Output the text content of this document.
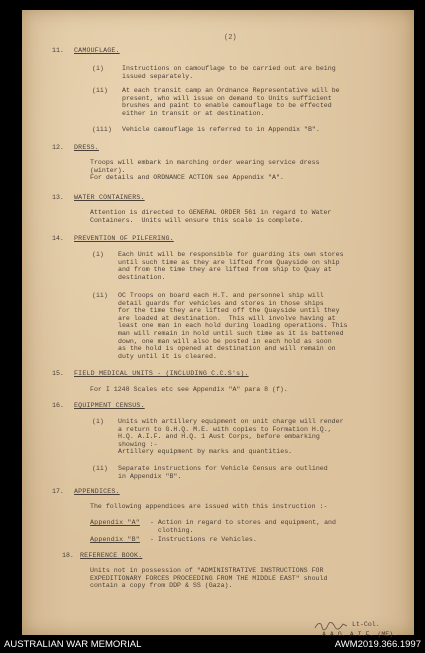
(2)
11. CAMOUFLAGE.
(i)	Instructions on camouflage to be carried out are being
issued separately.
(ii) At each transit camp an Ordnance Representative will be
present, who will issue on demand to Units sufficient
brushes and paint to enable camouflage to be effected
either in transit or at destination.
(iii) Vehicle camouflage is referred to in Appendix "B".
12. DRESS.
Troops will embark in marching order wearing service dress
(winter).
For details and ORDNANCE ACTION see Appendix "A".
13. WATER CONTAINERS.
Attention is directed to GENERAL ORDER 561 in regard to Water
Containers.  Units will ensure this scale is complete.
14. PREVENTION OF PILFERING.
(i) Each Unit will be responsible for guarding its own stores
until such time as they are lifted from Quayside on ship
and from the time they are lifted from ship to Quay at
destination.
(ii) OC Troops on board each H.T. and personnel ship will
detail guards for vehicles and stores in those ships
for the time they are lifted off the Quayside until they
are loaded at destination.  This will involve having at
least one man in each hold during loading operations. This
man will remain in hold until such time as it is battened
down, one man will also be posted in each hold as soon
as the hold is opened at destination and will remain on
duty until it is cleared.
15. FIELD MEDICAL UNITS - (INCLUDING C.C.S's).
For I 1248 Scales etc see Appendix "A" para 8 (f).
16. EQUIPMENT CENSUS.
(i) Units with artillery equipment on unit charge will render
a return to G.H.Q. M.E. with copies to Formation H.Q.,
H.Q. A.I.F. and H.Q. 1 Aust Corps, before embarking
showing :-
Artillery equipment by marks and quantities.
(ii) Separate instructions for Vehicle Census are outlined
in Appendix "B".
17. APPENDICES.
The following appendices are issued with this instruction :-
Appendix "A" - Action in regard to stores and equipment, and
clothing.
Appendix "B" - Instructions re Vehicles.
18. REFERENCE BOOK.
Units not in possession of "ADMINISTRATIVE INSTRUCTIONS FOR
EXPEDITIONARY FORCES PROCEEDING FROM THE MIDDLE EAST" should
contain a copy from DDP & SS (Gaza).
Lt-Col.
A.A.G. A.I.F. (ME).
AUSTRALIAN WAR MEMORIAL	AWM2019.366.1997
